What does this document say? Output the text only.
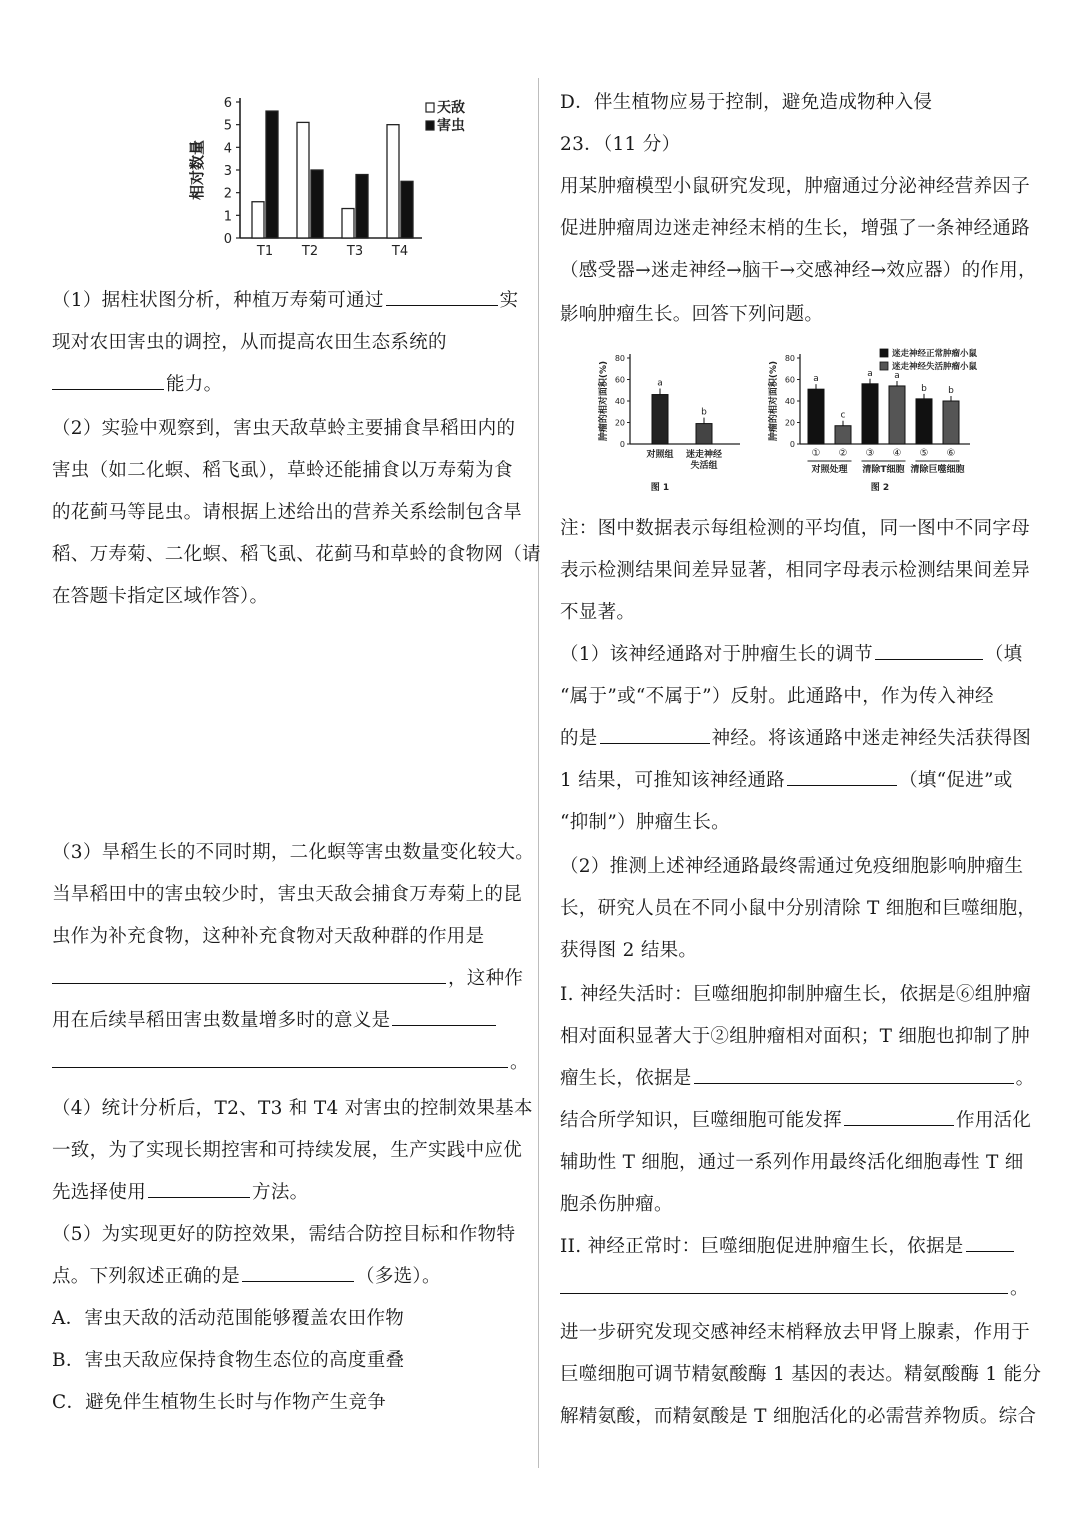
0
1
2
3
4
5
6
相对数量
T1 T2 T3 T4
天敌
害虫
（1）据柱状图分析，种植万寿菊可通过	实
现对农田害虫的调控，从而提高农田生态系统的
能力。
（2）实验中观察到，害虫天敌草蛉主要捕食旱稻田内的
害虫（如二化螟、稻飞虱），草蛉还能捕食以万寿菊为食
的花蓟马等昆虫。请根据上述给出的营养关系绘制包含旱
稻、万寿菊、二化螟、稻飞虱、花蓟马和草蛉的食物网（请
在答题卡指定区域作答）。
（3）旱稻生长的不同时期，二化螟等害虫数量变化较大。
当旱稻田中的害虫较少时，害虫天敌会捕食万寿菊上的昆
虫作为补充食物，这种补充食物对天敌种群的作用是
，这种作
用在后续旱稻田害虫数量增多时的意义是
。
（4）统计分析后，T2、T3 和 T4 对害虫的控制效果基本
一致，为了实现长期控害和可持续发展，生产实践中应优
先选择使用	方法。
（5）为实现更好的防控效果，需结合防控目标和作物特
点。下列叙述正确的是	（多选）。
A．害虫天敌的活动范围能够覆盖农田作物
B．害虫天敌应保持食物生态位的高度重叠
C．避免伴生植物生长时与作物产生竞争
D．伴生植物应易于控制，避免造成物种入侵
23．（11 分）
用某肿瘤模型小鼠研究发现，肿瘤通过分泌神经营养因子
促进肿瘤周边迷走神经末梢的生长，增强了一条神经通路
（感受器→迷走神经→脑干→交感神经→效应器）的作用，
影响肿瘤生长。回答下列问题。
0
20
40
60
80
肿瘤的相对面积(%)	a
对照组
b
迷走神经
失活组
图 1
0
20
40
60
80
肿瘤的相对面积(%)
迷走神经正常肿瘤小鼠
迷走神经失活肿瘤小鼠
a
①
c
②
a
③
a
④
b
⑤
b
⑥
对照处理 清除T细胞 清除巨噬细胞
图 2
注：图中数据表示每组检测的平均值，同一图中不同字母
表示检测结果间差异显著，相同字母表示检测结果间差异
不显著。
（1）该神经通路对于肿瘤生长的调节	（填
“属于”或“不属于”）反射。此通路中，作为传入神经
的是	神经。将该通路中迷走神经失活获得图
1 结果，可推知该神经通路	（填“促进”或
“抑制”）肿瘤生长。
（2）推测上述神经通路最终需通过免疫细胞影响肿瘤生
长，研究人员在不同小鼠中分别清除 T 细胞和巨噬细胞，
获得图 2 结果。
I. 神经失活时：巨噬细胞抑制肿瘤生长，依据是⑥组肿瘤
相对面积显著大于②组肿瘤相对面积；T 细胞也抑制了肿
瘤生长，依据是	。
结合所学知识，巨噬细胞可能发挥	作用活化
辅助性 T 细胞，通过一系列作用最终活化细胞毒性 T 细
胞杀伤肿瘤。
II. 神经正常时：巨噬细胞促进肿瘤生长，依据是
。
进一步研究发现交感神经末梢释放去甲肾上腺素，作用于
巨噬细胞可调节精氨酸酶 1 基因的表达。精氨酸酶 1 能分
解精氨酸，而精氨酸是 T 细胞活化的必需营养物质。综合
